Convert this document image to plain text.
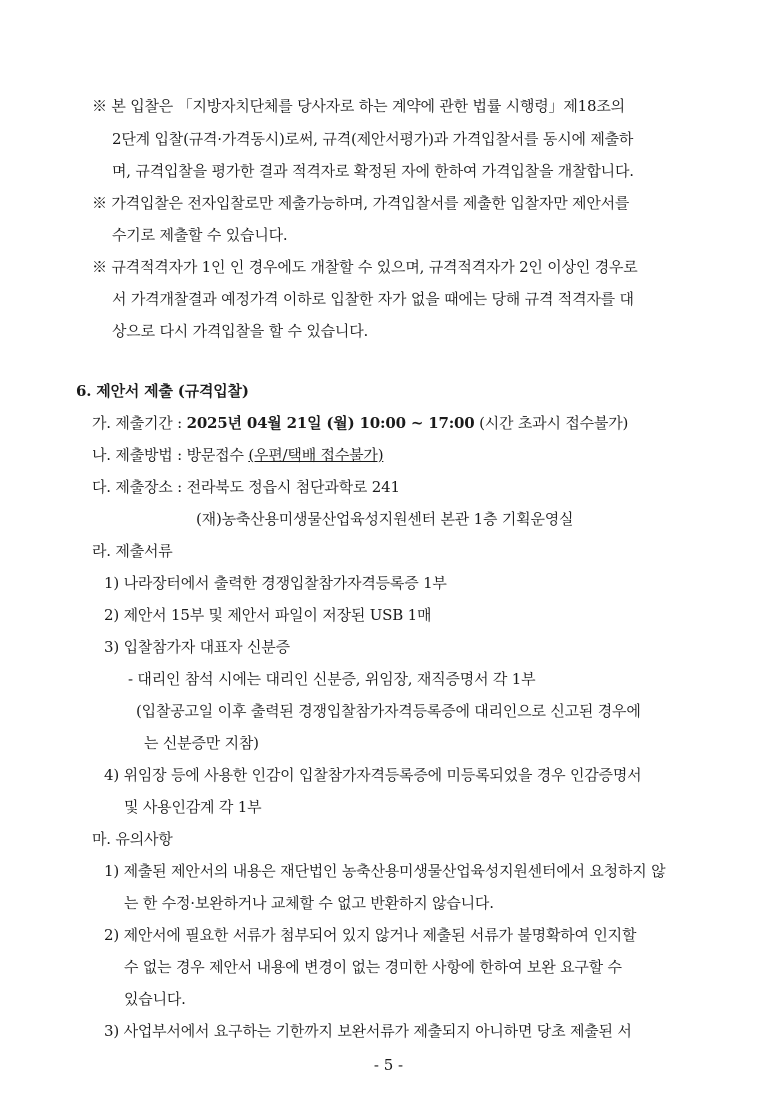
※ 본 입찰은 「지방자치단체를 당사자로 하는 계약에 관한 법률 시행령」제18조의
2단계 입찰(규격·가격동시)로써, 규격(제안서평가)과 가격입찰서를 동시에 제출하
며, 규격입찰을 평가한 결과 적격자로 확정된 자에 한하여 가격입찰을 개찰합니다.
※ 가격입찰은 전자입찰로만 제출가능하며, 가격입찰서를 제출한 입찰자만 제안서를
수기로 제출할 수 있습니다.
※ 규격적격자가 1인 인 경우에도 개찰할 수 있으며, 규격적격자가 2인 이상인 경우로
서 가격개찰결과 예정가격 이하로 입찰한 자가 없을 때에는 당해 규격 적격자를 대
상으로 다시 가격입찰을 할 수 있습니다.
6. 제안서 제출 (규격입찰)
가. 제출기간 : 2025년 04월 21일 (월) 10:00 ~ 17:00 (시간 초과시 접수불가)
나. 제출방법 : 방문접수 (우편/택배 접수불가)
다. 제출장소 : 전라북도 정읍시 첨단과학로 241
(재)농축산용미생물산업육성지원센터 본관 1층 기획운영실
라. 제출서류
1) 나라장터에서 출력한 경쟁입찰참가자격등록증 1부
2) 제안서 15부 및 제안서 파일이 저장된 USB 1매
3) 입찰참가자 대표자 신분증
- 대리인 참석 시에는 대리인 신분증, 위임장, 재직증명서 각 1부
(입찰공고일 이후 출력된 경쟁입찰참가자격등록증에 대리인으로 신고된 경우에
는 신분증만 지참)
4) 위임장 등에 사용한 인감이 입찰참가자격등록증에 미등록되었을 경우 인감증명서
및 사용인감계 각 1부
마. 유의사항
1) 제출된 제안서의 내용은 재단법인 농축산용미생물산업육성지원센터에서 요청하지 않
는 한 수정·보완하거나 교체할 수 없고 반환하지 않습니다.
2) 제안서에 필요한 서류가 첨부되어 있지 않거나 제출된 서류가 불명확하여 인지할
수 없는 경우 제안서 내용에 변경이 없는 경미한 사항에 한하여 보완 요구할 수
있습니다.
3) 사업부서에서 요구하는 기한까지 보완서류가 제출되지 아니하면 당초 제출된 서
- 5 -
